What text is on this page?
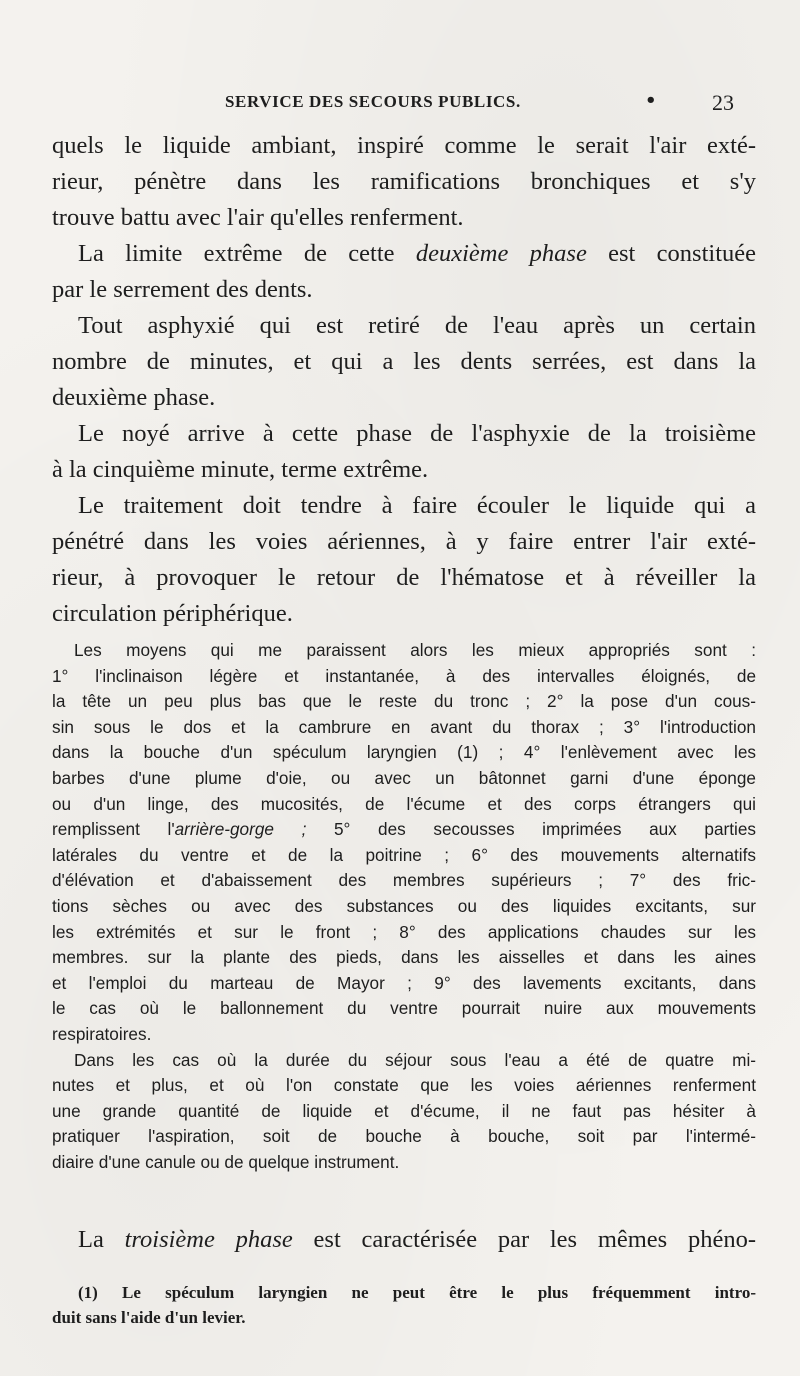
SERVICE DES SECOURS PUBLICS.	•	23
quels le liquide ambiant, inspiré comme le serait l'air exté-
rieur, pénètre dans les ramifications bronchiques et s'y
trouve battu avec l'air qu'elles renferment.
La limite extrême de cette deuxième phase est constituée
par le serrement des dents.
Tout asphyxié qui est retiré de l'eau après un certain
nombre de minutes, et qui a les dents serrées, est dans la
deuxième phase.
Le noyé arrive à cette phase de l'asphyxie de la troisième
à la cinquième minute, terme extrême.
Le traitement doit tendre à faire écouler le liquide qui a
pénétré dans les voies aériennes, à y faire entrer l'air exté-
rieur, à provoquer le retour de l'hématose et à réveiller la
circulation périphérique.
Les moyens qui me paraissent alors les mieux appropriés sont :
1° l'inclinaison légère et instantanée, à des intervalles éloignés, de
la tête un peu plus bas que le reste du tronc ; 2° la pose d'un cous-
sin sous le dos et la cambrure en avant du thorax ; 3° l'introduction
dans la bouche d'un spéculum laryngien (1) ; 4° l'enlèvement avec les
barbes d'une plume d'oie, ou avec un bâtonnet garni d'une éponge
ou d'un linge, des mucosités, de l'écume et des corps étrangers qui
remplissent l'arrière-gorge ; 5° des secousses imprimées aux parties
latérales du ventre et de la poitrine ; 6° des mouvements alternatifs
d'élévation et d'abaissement des membres supérieurs ; 7° des fric-
tions sèches ou avec des substances ou des liquides excitants, sur
les extrémités et sur le front ; 8° des applications chaudes sur les
membres. sur la plante des pieds, dans les aisselles et dans les aines
et l'emploi du marteau de Mayor ; 9° des lavements excitants, dans
le cas où le ballonnement du ventre pourrait nuire aux mouvements
respiratoires.
Dans les cas où la durée du séjour sous l'eau a été de quatre mi-
nutes et plus, et où l'on constate que les voies aériennes renferment
une grande quantité de liquide et d'écume, il ne faut pas hésiter à
pratiquer l'aspiration, soit de bouche à bouche, soit par l'intermé-
diaire d'une canule ou de quelque instrument.
La troisième phase est caractérisée par les mêmes phéno-
(1) Le spéculum laryngien ne peut être le plus fréquemment intro-
duit sans l'aide d'un levier.
